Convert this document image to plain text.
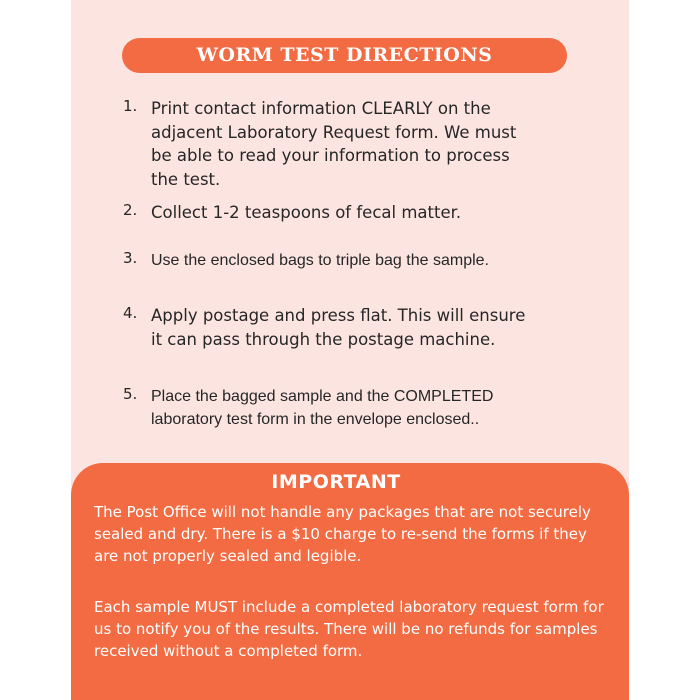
WORM TEST DIRECTIONS
1. Print contact information CLEARLY on the adjacent Laboratory Request form. We must be able to read your information to process the test.
2. Collect 1-2 teaspoons of fecal matter.
3. Use the enclosed bags to triple bag the sample.
4. Apply postage and press flat. This will ensure it can pass through the postage machine.
5. Place the bagged sample and the COMPLETED laboratory test form in the envelope enclosed..
IMPORTANT
The Post Office will not handle any packages that are not securely sealed and dry. There is a $10 charge to re-send the forms if they are not properly sealed and legible.
Each sample MUST include a completed laboratory request form for us to notify you of the results. There will be no refunds for samples received without a completed form.
